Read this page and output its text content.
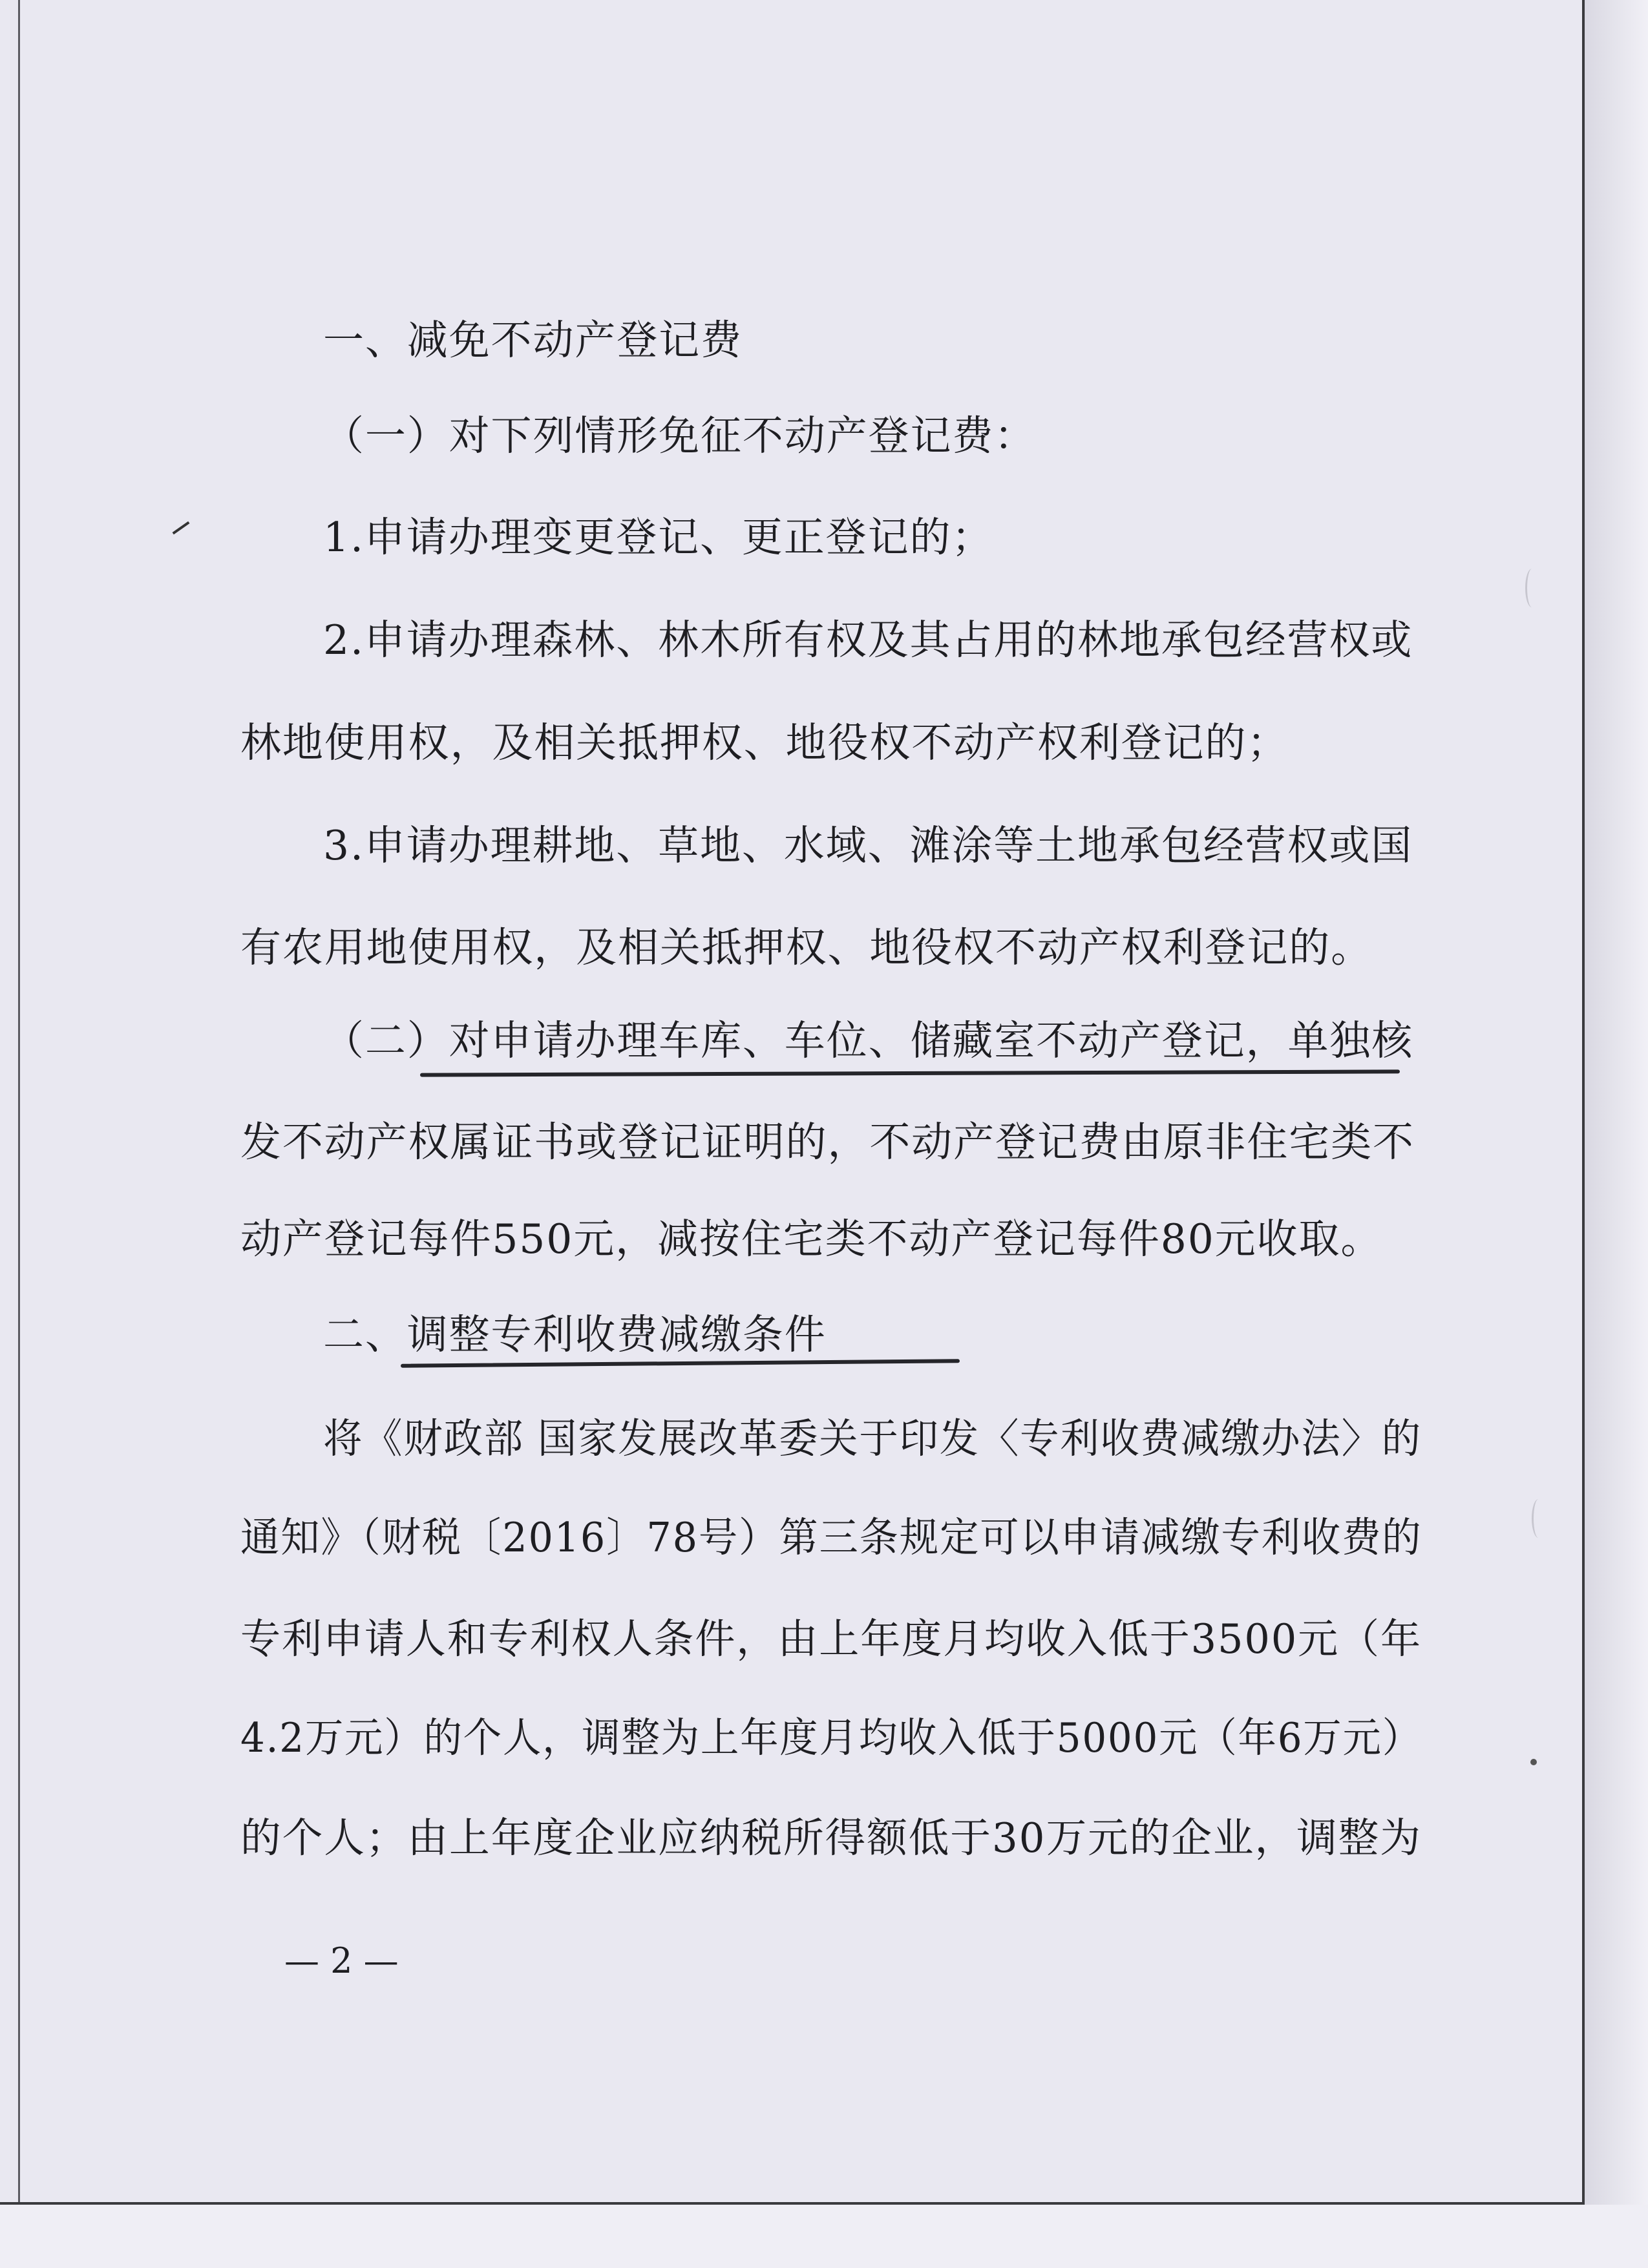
一、减免不动产登记费

（一）对下列情形免征不动产登记费：

1.申请办理变更登记、更正登记的；

2.申请办理森林、林木所有权及其占用的林地承包经营权或

林地使用权，及相关抵押权、地役权不动产权利登记的；

3.申请办理耕地、草地、水域、滩涂等土地承包经营权或国

有农用地使用权，及相关抵押权、地役权不动产权利登记的。

（二）对申请办理车库、车位、储藏室不动产登记，单独核

发不动产权属证书或登记证明的，不动产登记费由原非住宅类不

动产登记每件550元，减按住宅类不动产登记每件80元收取。

二、调整专利收费减缴条件

将《财政部 国家发展改革委关于印发〈专利收费减缴办法〉的

通知》（财税〔2016〕78号）第三条规定可以申请减缴专利收费的

专利申请人和专利权人条件，由上年度月均收入低于3500元（年

4.2万元）的个人，调整为上年度月均收入低于5000元（年6万元）

的个人；由上年度企业应纳税所得额低于30万元的企业，调整为

— 2 —
